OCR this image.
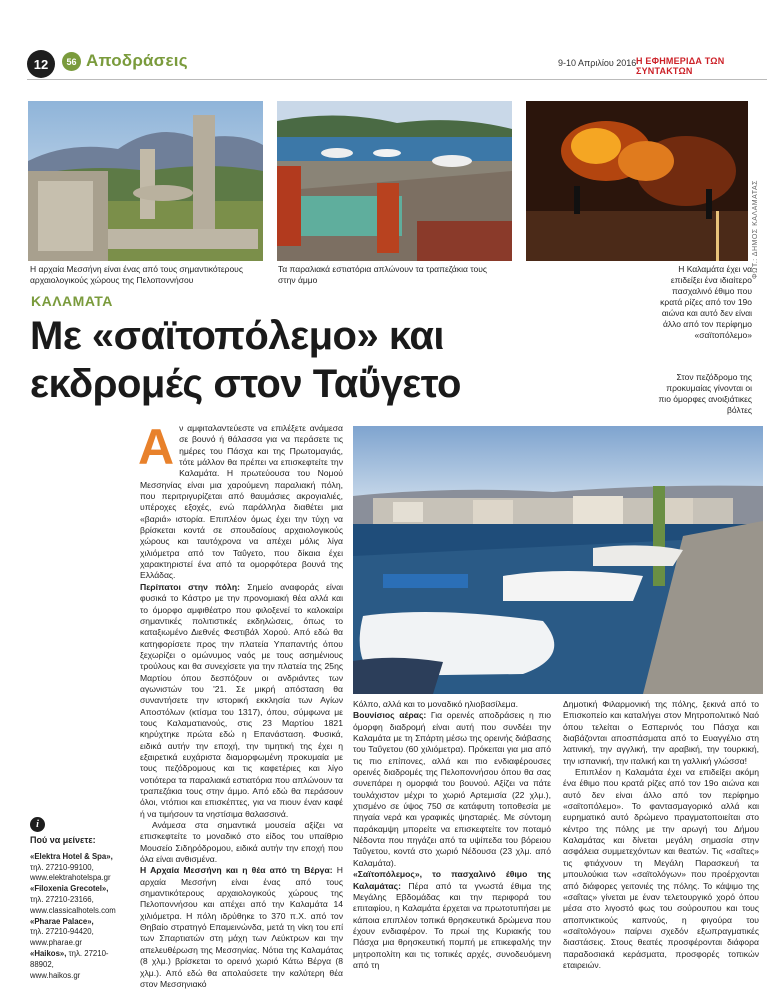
12	56 Αποδράσεις	9-10 Απριλίου 2016 Η ΕΦΗΜΕΡΙΔΑ ΤΩΝ ΣΥΝΤΑΚΤΩΝ
Η αρχαία Μεσσήνη είναι ένας από τους σημαντικότερους αρχαιολογικούς χώρους της Πελοποννήσου
Τα παραλιακά εστιατόρια απλώνουν τα τραπεζάκια τους στην άμμο
ΦΩΤ.: ΔΗΜΟΣ ΚΑΛΑΜΑΤΑΣ
Η Καλαμάτα έχει να επιδείξει ένα ιδιαίτερο πασχαλινό έθιμο που κρατά ρίζες από τον 19ο αιώνα και αυτό δεν είναι άλλο από τον περίφημο «σαϊτοπόλεμο»
ΚΑΛΑΜΑΤΑ
Με «σαϊτοπόλεμο» και
εκδρομές στον Ταΰγετο	Στον πεζόδρομο της προκυμαίας γίνονται οι πιο όμορφες ανοιξιάτικες βόλτες

Αν αμφιταλαντεύεστε να επιλέξετε ανάμεσα σε βουνό ή θάλασσα για να περάσετε τις ημέρες του Πάσχα και της Πρωτομαγιάς, τότε μάλλον θα πρέπει να επισκεφτείτε την Καλαμάτα. Η πρωτεύουσα του Νομού Μεσσηνίας είναι μια χαρούμενη παραλιακή πόλη, που περιτριγυρίζεται από θαυμάσιες ακρογιαλιές, υπέροχες εξοχές, ενώ παράλληλα διαθέτει μια «βαριά» ιστορία. Επιπλέον όμως έχει την τύχη να βρίσκεται κοντά σε σπουδαίους αρχαιολογικούς χώρους και ταυτόχρονα να απέχει μόλις λίγα χιλιόμετρα από τον Ταΰγετο, που δίκαια έχει χαρακτηριστεί ένα από τα ομορφότερα βουνά της Ελλάδας.

Περίπατοι στην πόλη: Σημείο αναφοράς είναι φυσικά το Κάστρο με την προνομιακή θέα αλλά και το όμορφο αμφιθέατρο που φιλοξενεί το καλοκαίρι σημαντικές πολιτιστικές εκδηλώσεις, όπως το καταξιωμένο Διεθνές Φεστιβάλ Χορού. Από εδώ θα κατηφορίσετε προς την πλατεία Υπαπαντής όπου ξεχωρίζει ο ομώνυμος ναός με τους ασημένιους τρούλους και θα συνεχίσετε για την πλατεία της 25ης Μαρτίου όπου δεσπόζουν οι ανδριάντες των αγωνιστών του '21. Σε μικρή απόσταση θα συναντήσετε την ιστορική εκκλησία των Αγίων Αποστόλων (κτίσμα του 1317), όπου, σύμφωνα με τους Καλαματιανούς, στις 23 Μαρτίου 1821 κηρύχτηκε πρώτα εδώ η Επανάσταση. Φυσικά, ειδικά αυτήν την εποχή, την τιμητική της έχει η εξαιρετικά ευχάριστα διαμορφωμένη προκυμαία με τους πεζόδρομους και τις καφετέριες και λίγο νοτιότερα τα παραλιακά εστιατόρια που απλώνουν τα τραπεζάκια τους στην άμμο. Από εδώ θα περάσουν όλοι, ντόπιοι και επισκέπτες, για να πιουν έναν καφέ ή να τιμήσουν τα νηστίσιμα θαλασσινά.

Ανάμεσα στα σημαντικά μουσεία αξίζει να επισκεφτείτε το μοναδικό στο είδος του υπαίθριο Μουσείο Σιδηρόδρομου, ειδικά αυτήν την εποχή που όλα είναι ανθισμένα.

Η Αρχαία Μεσσήνη και η θέα από τη Βέργα: Η αρχαία Μεσσήνη είναι ένας από τους σημαντικότερους αρχαιολογικούς χώρους της Πελοποννήσου και απέχει από την Καλαμάτα 14 χιλιόμετρα. Η πόλη ιδρύθηκε το 370 π.Χ. από τον Θηβαίο στρατηγό Επαμεινώνδα, μετά τη νίκη του επί των Σπαρτιατών στη μάχη των Λεύκτρων και την απελευθέρωση της Μεσσηνίας. Νότια της Καλαμάτας (8 χλμ.) βρίσκεται το ορεινό χωριό Κάτω Βέργα (8 χλμ.). Από εδώ θα απολαύσετε την καλύτερη θέα στον Μεσσηνιακό

i

Πού να μείνετε:

«Elektra Hotel & Spa»,

τηλ. 27210-99100,

www.elektrahotelspa.gr

«Filoxenia Grecotel»,

τηλ. 27210-23166,

www.classicalhotels.com

«Pharae Palace»,

τηλ. 27210-94420,

www.pharae.gr

«Haikos», τηλ. 27210-88902,

www.haikos.gr

Κόλπο, αλλά και το μοναδικό ηλιοβασίλεμα.

Βουνίσιος αέρας: Για ορεινές αποδράσεις η πιο όμορφη διαδρομή είναι αυτή που συνδέει την Καλαμάτα με τη Σπάρτη μέσω της ορεινής διάβασης του Ταΰγετου (60 χιλιόμετρα). Πρόκειται για μια από τις πιο επίπονες, αλλά και πιο ενδιαφέρουσες ορεινές διαδρομές της Πελοποννήσου όπου θα σας συνεπάρει η ομορφιά του βουνού. Αξίζει να πάτε τουλάχιστον μέχρι το χωριό Αρτεμισία (22 χλμ.), χτισμένο σε ύψος 750 σε κατάφυτη τοποθεσία με πηγαία νερά και γραφικές ψησταριές. Με σύντομη παράκαμψη μπορείτε να επισκεφτείτε τον ποταμό Νέδοντα που πηγάζει από τα υψίπεδα του βόρειου Ταΰγετου, κοντά στο χωριό Νέδουσα (23 χλμ. από Καλαμάτα).

«Σαϊτοπόλεμος», το πασχαλινό έθιμο της Καλαμάτας: Πέρα από τα γνωστά έθιμα της Μεγάλης Εβδομάδας και την περιφορά του επιταφίου, η Καλαμάτα έρχεται να πρωτοτυπήσει με κάποια επιπλέον τοπικά θρησκευτικά δρώμενα που έχουν ενδιαφέρον. Το πρωί της Κυριακής του Πάσχα μια θρησκευτική πομπή με επικεφαλής την μητροπολίτη και τις τοπικές αρχές, συνοδευόμενη από τη

Δημοτική Φιλαρμονική της πόλης, ξεκινά από το Επισκοπείο και καταλήγει στον Μητροπολιτικό Ναό όπου τελείται ο Εσπερινός του Πάσχα και διαβάζονται αποσπάσματα από το Ευαγγέλιο στη λατινική, την αγγλική, την αραβική, την τουρκική, την ισπανική, την ιταλική και τη γαλλική γλώσσα!

Επιπλέον η Καλαμάτα έχει να επιδείξει ακόμη ένα έθιμο που κρατά ρίζες από τον 19ο αιώνα και αυτό δεν είναι άλλο από τον περίφημο «σαϊτοπόλεμο». Το φαντασμαγορικό αλλά και ευρηματικό αυτό δρώμενο πραγματοποιείται στο κέντρο της πόλης με την αρωγή του Δήμου Καλαμάτας και δίνεται μεγάλη σημασία στην ασφάλεια συμμετεχόντων και θεατών. Τις «σαΐτες» τις φτιάχνουν τη Μεγάλη Παρασκευή τα μπουλούκια των «σαϊτολόγων» που προέρχονται από διάφορες γειτονιές της πόλης. Το κάψιμο της «σαΐτας» γίνεται με έναν τελετουργικό χορό όπου μέσα στο λιγοστό φως του σούρουπου και τους αποπνικτικούς καπνούς, η φιγούρα του «σαϊτολόγου» παίρνει σχεδόν εξωπραγματικές διαστάσεις. Στους θεατές προσφέρονται διάφορα παραδοσιακά κεράσματα, προσφορές τοπικών εταιρειών.
